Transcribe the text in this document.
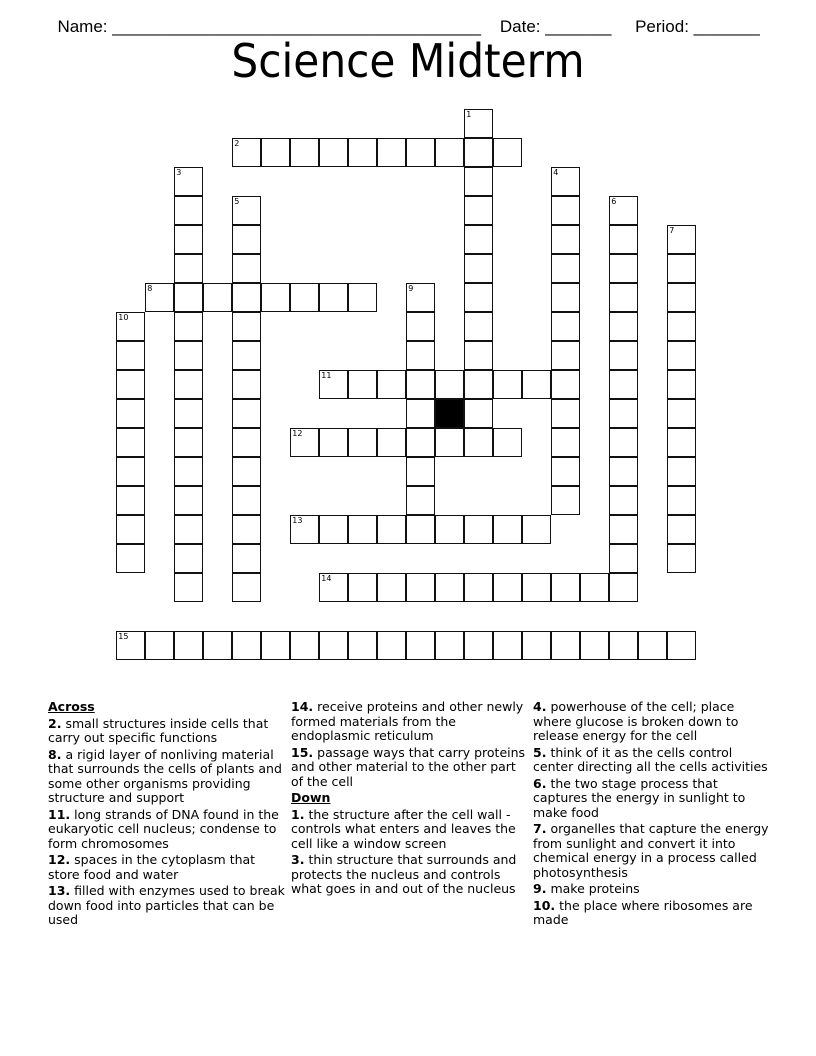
Name: _______________________________________ Date: _______ Period: _______

Science Midterm
1
2
3	4
5	6
7
8	9
10
11
12
13
14
15
Across
2. small structures inside cells that carry out specific functions
8. a rigid layer of nonliving material that surrounds the cells of plants and some other organisms providing structure and support
11. long strands of DNA found in the eukaryotic cell nucleus; condense to form chromosomes
12. spaces in the cytoplasm that store food and water
13. filled with enzymes used to break down food into particles that can be used
14. receive proteins and other newly formed materials from the endoplasmic reticulum
15. passage ways that carry proteins and other material to the other part of the cell
Down
1. the structure after the cell wall - controls what enters and leaves the cell like a window screen
3. thin structure that surrounds and protects the nucleus and controls what goes in and out of the nucleus
4. powerhouse of the cell; place where glucose is broken down to release energy for the cell
5. think of it as the cells control center directing all the cells activities
6. the two stage process that captures the energy in sunlight to make food
7. organelles that capture the energy from sunlight and convert it into chemical energy in a process called photosynthesis
9. make proteins
10. the place where ribosomes are made
